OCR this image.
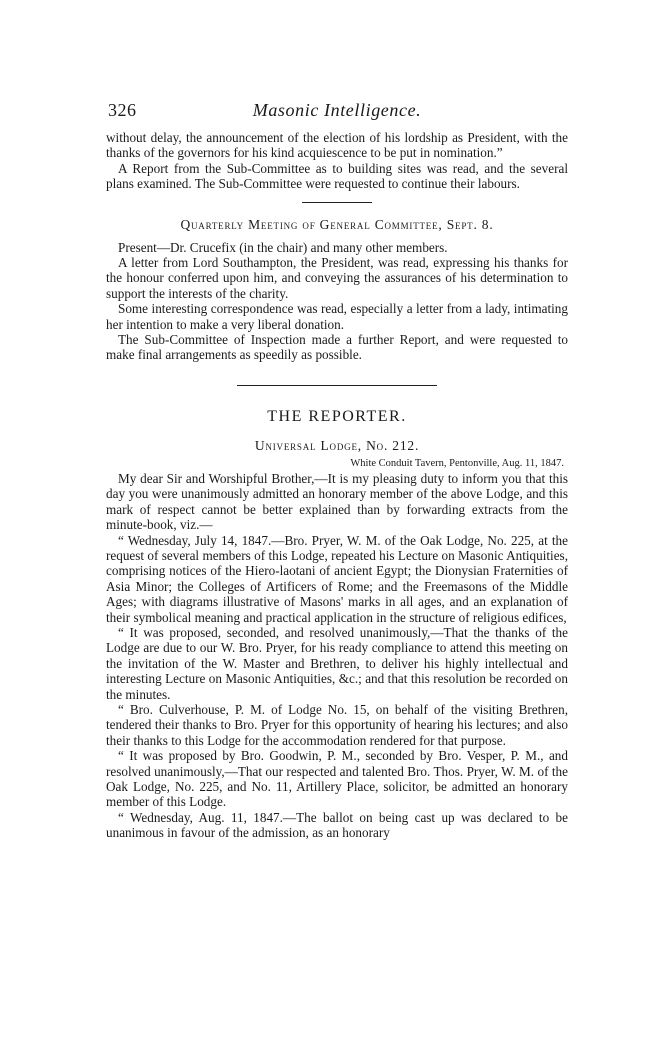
326	Masonic Intelligence.

without delay, the announcement of the election of his lordship as President, with the thanks of the governors for his kind acquiescence to be put in nomination.”

A Report from the Sub-Committee as to building sites was read, and the several plans examined. The Sub-Committee were requested to continue their labours.

Quarterly Meeting of General Committee, Sept. 8.

Present—Dr. Crucefix (in the chair) and many other members.

A letter from Lord Southampton, the President, was read, expressing his thanks for the honour conferred upon him, and conveying the assurances of his determination to support the interests of the charity.

Some interesting correspondence was read, especially a letter from a lady, intimating her intention to make a very liberal donation.

The Sub-Committee of Inspection made a further Report, and were requested to make final arrangements as speedily as possible.

THE REPORTER.
Universal Lodge, No. 212.
White Conduit Tavern, Pentonville, Aug. 11, 1847.

My dear Sir and Worshipful Brother,—It is my pleasing duty to inform you that this day you were unanimously admitted an honorary member of the above Lodge, and this mark of respect cannot be better explained than by forwarding extracts from the minute-book, viz.—

“ Wednesday, July 14, 1847.—Bro. Pryer, W. M. of the Oak Lodge, No. 225, at the request of several members of this Lodge, repeated his Lecture on Masonic Antiquities, comprising notices of the Hiero-laotani of ancient Egypt; the Dionysian Fraternities of Asia Minor; the Colleges of Artificers of Rome; and the Freemasons of the Middle Ages; with diagrams illustrative of Masons' marks in all ages, and an explanation of their symbolical meaning and practical application in the structure of religious edifices,

“ It was proposed, seconded, and resolved unanimously,—That the thanks of the Lodge are due to our W. Bro. Pryer, for his ready compliance to attend this meeting on the invitation of the W. Master and Brethren, to deliver his highly intellectual and interesting Lecture on Masonic Antiquities, &c.; and that this resolution be recorded on the minutes.

“ Bro. Culverhouse, P. M. of Lodge No. 15, on behalf of the visiting Brethren, tendered their thanks to Bro. Pryer for this opportunity of hearing his lectures; and also their thanks to this Lodge for the accommodation rendered for that purpose.

“ It was proposed by Bro. Goodwin, P. M., seconded by Bro. Vesper, P. M., and resolved unanimously,—That our respected and talented Bro. Thos. Pryer, W. M. of the Oak Lodge, No. 225, and No. 11, Artillery Place, solicitor, be admitted an honorary member of this Lodge.

“ Wednesday, Aug. 11, 1847.—The ballot on being cast up was declared to be unanimous in favour of the admission, as an honorary
